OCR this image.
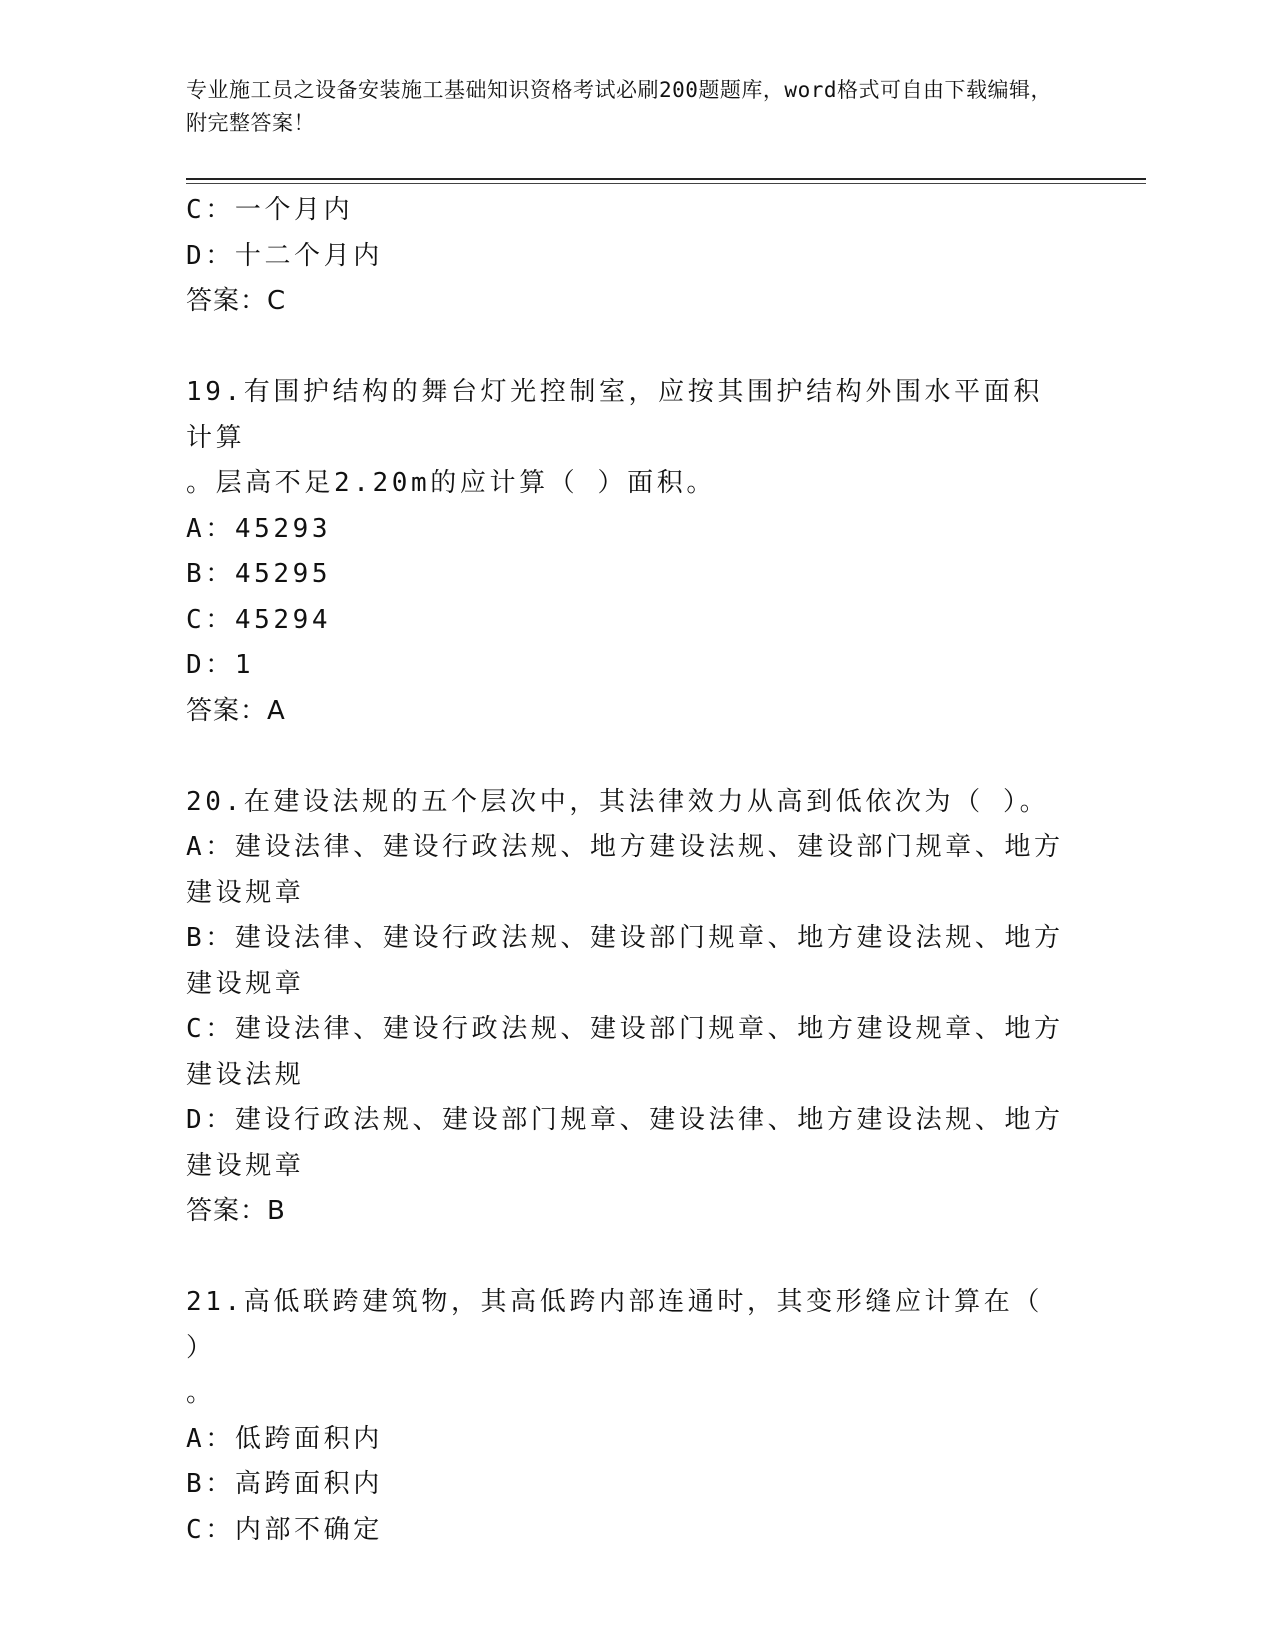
专业施工员之设备安装施工基础知识资格考试必刷200题题库，word格式可自由下载编辑，附完整答案！
C：一个月内
D：十二个月内
答案：C
19.有围护结构的舞台灯光控制室，应按其围护结构外围水平面积计算
。层高不足2.20m的应计算（ ）面积。
A：45293
B：45295
C：45294
D：1
答案：A
20.在建设法规的五个层次中，其法律效力从高到低依次为（ ）。
A：建设法律、建设行政法规、地方建设法规、建设部门规章、地方建设规章
B：建设法律、建设行政法规、建设部门规章、地方建设法规、地方建设规章
C：建设法律、建设行政法规、建设部门规章、地方建设规章、地方建设法规
D：建设行政法规、建设部门规章、建设法律、地方建设法规、地方建设规章
答案：B
21.高低联跨建筑物，其高低跨内部连通时，其变形缝应计算在（ ）
。
A：低跨面积内
B：高跨面积内
C：内部不确定
